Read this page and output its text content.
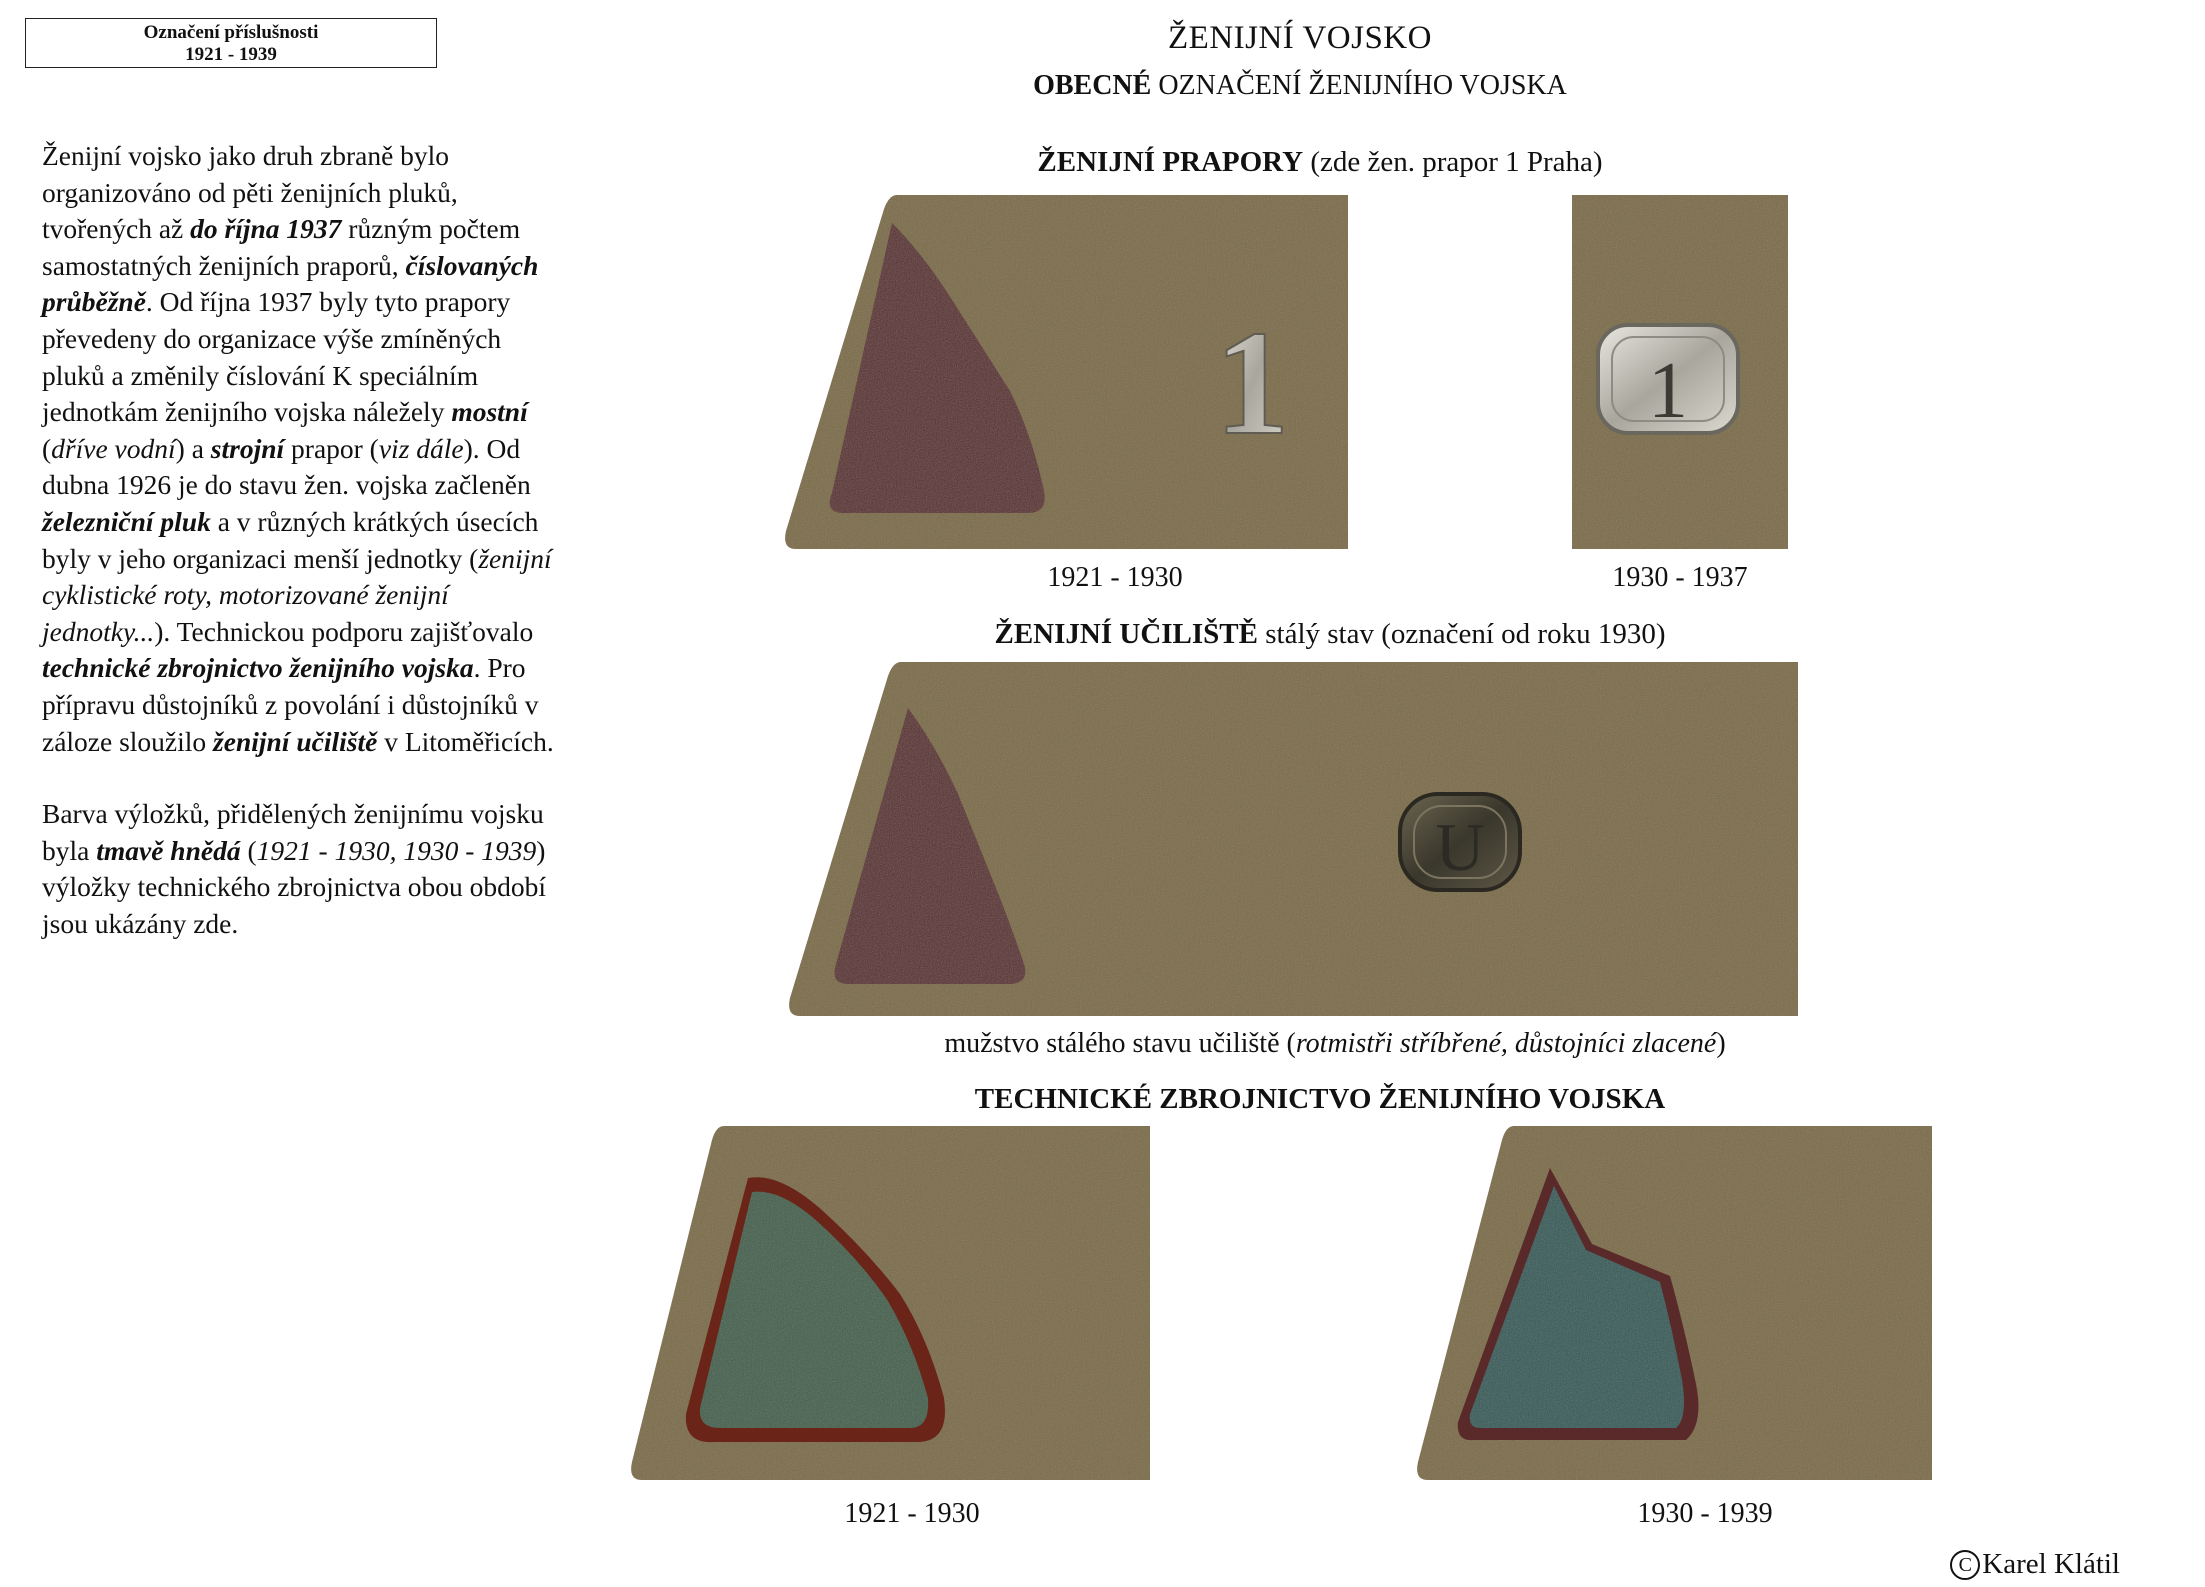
Označení příslušnosti
1921 - 1939	ŽENIJNÍ VOJSKO
OBECNÉ OZNAČENÍ ŽENIJNÍHO VOJSKA

Ženijní vojsko jako druh zbraně bylo organizováno od pěti ženijních pluků, tvořených až do října 1937 různým počtem samostatných ženijních praporů, číslovaných průběžně. Od října 1937 byly tyto prapory převedeny do organizace výše zmíněných pluků a změnily číslování K speciálním jednotkám ženijního vojska náležely mostní (dříve vodní) a strojní prapor (viz dále). Od dubna 1926 je do stavu žen. vojska začleněn železniční pluk a v různých krátkých úsecích byly v jeho organizaci menší jednotky (ženijní cyklistické roty, motorizované ženijní jednotky...). Technickou podporu zajišťovalo technické zbrojnictvo ženijního vojska. Pro přípravu důstojníků z povolání i důstojníků v záloze sloužilo ženijní učiliště v Litoměřicích.

Barva výložků, přidělených ženijnímu vojsku byla tmavě hnědá (1921 - 1930, 1930 - 1939) výložky technického zbrojnictva obou období jsou ukázány zde.

ŽENIJNÍ PRAPORY (zde žen. prapor 1 Praha)
1	1
1921 - 1930	1930 - 1937
ŽENIJNÍ UČILIŠTĚ stálý stav (označení od roku 1930)
U
mužstvo stálého stavu učiliště (rotmistři stříbřené, důstojníci zlacené)
TECHNICKÉ ZBROJNICTVO ŽENIJNÍHO VOJSKA
1921 - 1930	1930 - 1939
C Karel Klátil
